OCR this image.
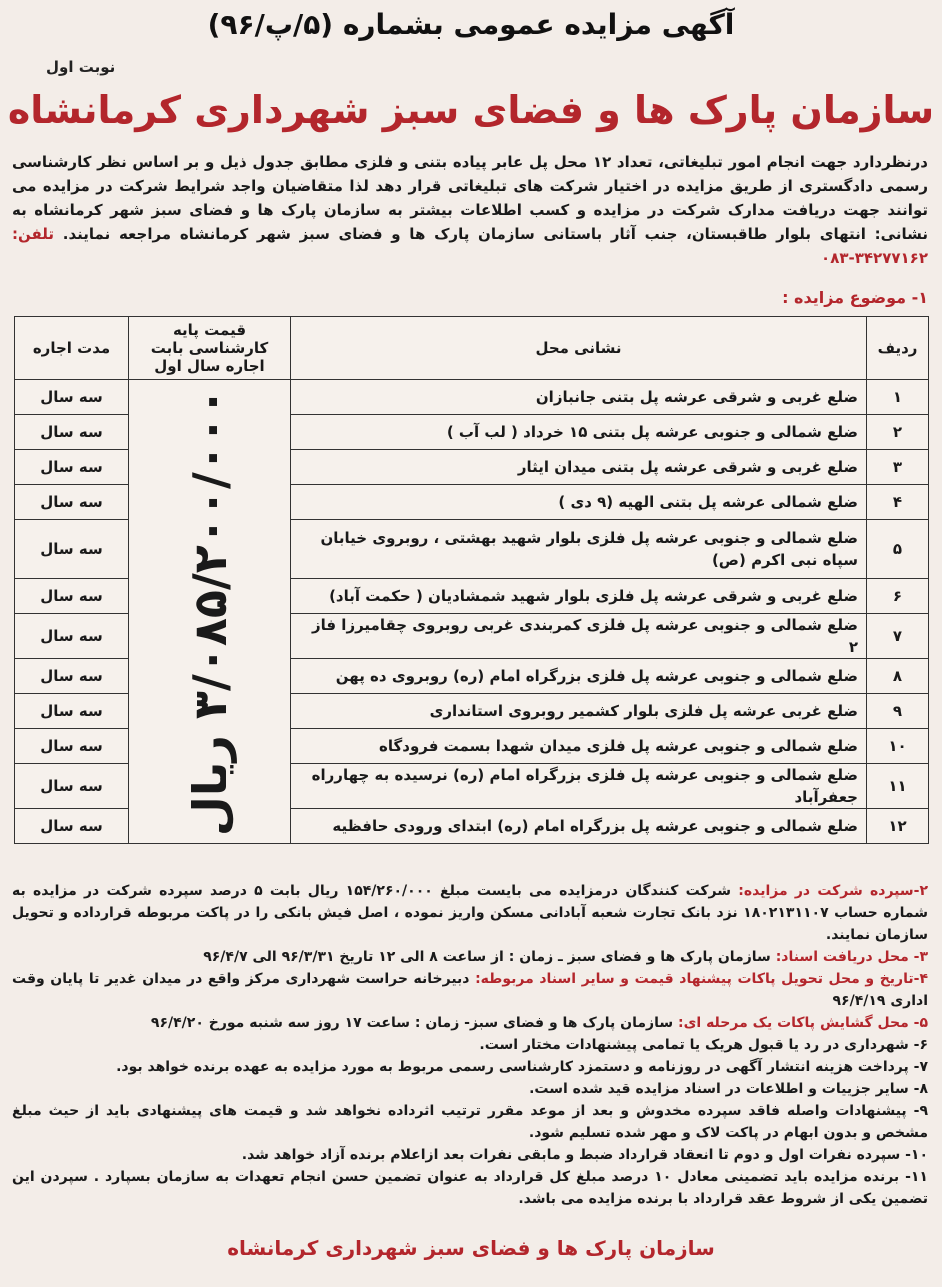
نوبت اول
آگهی مزایده عمومی بشماره (۵/پ/۹۶)
سازمان پارک ها و فضای سبز شهرداری کرمانشاه
درنظردارد جهت انجام امور تبلیغاتی، تعداد ۱۲ محل پل عابر پیاده بتنی و فلزی مطابق جدول ذیل و بر اساس نظر کارشناسی رسمی دادگستری از طریق مزایده در اختیار شرکت های تبلیغاتی قرار دهد لذا متقاضیان واجد شرایط شرکت در مزایده می توانند جهت دریافت مدارک شرکت در مزایده و کسب اطلاعات بیشتر به سازمان پارک ها و فضای سبز شهر کرمانشاه به نشانی: انتهای بلوار طاقبستان، جنب آثار باستانی سازمان پارک ها و فضای سبز شهر کرمانشاه مراجعه نمایند. تلفن: ۳۴۲۷۷۱۶۲-۰۸۳
۱- موضوع مزایده :
ردیف	نشانی محل	قیمت پایه کارشناسی بابت اجاره سال اول	مدت اجاره
۱	ضلع غربی و شرقی عرشه پل بتنی جانبازان	۳/۰۸۵/۲۰۰/۰۰۰ ریال	سه سال
۲	ضلع شمالی و جنوبی عرشه پل بتنی ۱۵ خرداد ( لب آب )		سه سال
۳	ضلع غربی و شرقی عرشه پل بتنی میدان ایثار		سه سال
۴	ضلع شمالی عرشه پل بتنی الهیه (۹ دی )		سه سال
۵	ضلع شمالی و جنوبی عرشه پل فلزی بلوار شهید بهشتی ، روبروی خیابان سپاه نبی اکرم (ص)		سه سال
۶	ضلع غربی و شرقی عرشه پل فلزی بلوار شهید شمشادیان ( حکمت آباد)		سه سال
۷	ضلع شمالی و جنوبی عرشه پل فلزی کمربندی غربی روبروی چقامیرزا فاز ۲		سه سال
۸	ضلع شمالی و جنوبی عرشه پل فلزی بزرگراه امام (ره) روبروی ده پهن		سه سال
۹	ضلع غربی عرشه پل فلزی بلوار کشمیر روبروی استانداری		سه سال
۱۰	ضلع شمالی و جنوبی عرشه پل فلزی میدان شهدا بسمت فرودگاه		سه سال
۱۱	ضلع شمالی و جنوبی عرشه پل فلزی بزرگراه امام (ره) نرسیده به چهارراه جعفرآباد		سه سال
۱۲	ضلع شمالی و جنوبی عرشه پل بزرگراه امام (ره) ابتدای ورودی حافظیه		سه سال

۲-سپرده شرکت در مزایده: شرکت کنندگان درمزایده می بایست مبلغ ۱۵۴/۲۶۰/۰۰۰ ریال بابت ۵ درصد سپرده شرکت در مزایده به شماره حساب ۱۸۰۲۱۳۱۱۰۷ نزد بانک تجارت شعبه آبادانی مسکن واریز نموده ، اصل فیش بانکی را در پاکت مربوطه قرارداده و تحویل سازمان نمایند.

۳- محل دریافت اسناد: سازمان پارک ها و فضای سبز ـ زمان : از ساعت ۸ الی ۱۲ تاریخ ۹۶/۳/۳۱ الی ۹۶/۴/۷

۴-تاریخ و محل تحویل پاکات پیشنهاد قیمت و سایر اسناد مربوطه: دبیرخانه حراست شهرداری مرکز واقع در میدان غدیر تا پایان وقت اداری ۹۶/۴/۱۹

۵- محل گشایش پاکات یک مرحله ای: سازمان پارک ها و فضای سبز- زمان : ساعت ۱۷ روز سه شنبه مورخ ۹۶/۴/۲۰

۶- شهرداری در رد یا قبول هریک یا تمامی پیشنهادات مختار است.

۷- پرداخت هزینه انتشار آگهی در روزنامه و دستمزد کارشناسی رسمی مربوط به مورد مزایده به عهده برنده خواهد بود.

۸- سایر جزییات و اطلاعات در اسناد مزایده قید شده است.

۹- پیشنهادات واصله فاقد سپرده مخدوش و بعد از موعد مقرر ترتیب اثرداده نخواهد شد و قیمت های پیشنهادی باید از حیث مبلغ مشخص و بدون ابهام در پاکت لاک و مهر شده تسلیم شود.

۱۰- سپرده نفرات اول و دوم تا انعقاد قرارداد ضبط و مابقی نفرات بعد ازاعلام برنده آزاد خواهد شد.

۱۱- برنده مزایده باید تضمینی معادل ۱۰ درصد مبلغ کل قرارداد به عنوان تضمین حسن انجام تعهدات به سازمان بسپارد . سپردن این تضمین یکی از شروط عقد قرارداد با برنده مزایده می باشد.

سازمان پارک ها و فضای سبز شهرداری کرمانشاه
